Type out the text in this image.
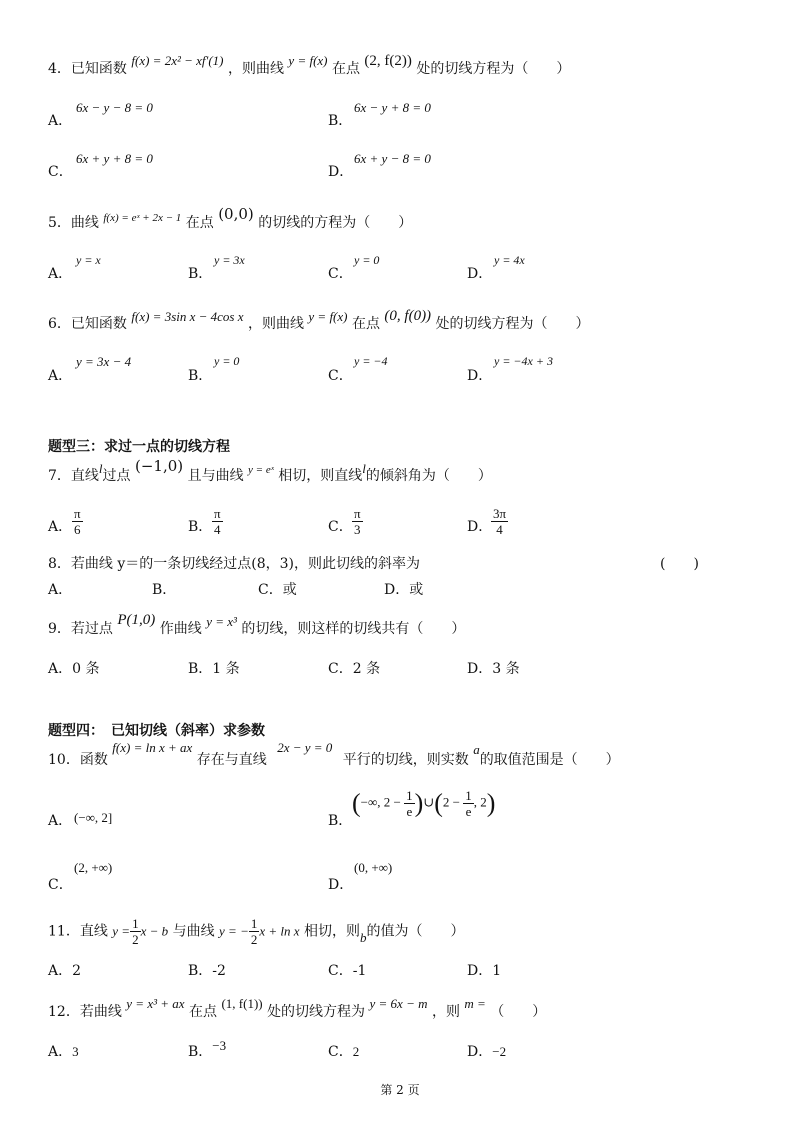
4．已知函数 f(x) = 2x² − xf′(1) ，则曲线 y = f(x) 在点 (2, f(2)) 处的切线方程为（　　）
A．
6x − y − 8 = 0
B．
6x − y + 8 = 0
C．
6x + y + 8 = 0
D．
6x + y − 8 = 0
5．曲线 $^{f(x) = eˣ + 2x - 1}$ 在点 (0,0) 的切线的方程为（　　）
A．
y = x
B．
y = 3x
C．
y = 0
D．
y = 4x
6．已知函数 f(x) = 3sin x − 4cos x ，则曲线 y = f(x) 在点 (0, f(0)) 处的切线方程为（　　）
A．
y = 3x − 4
B．
y = 0
C．
y = −4
D．
y = −4x + 3
题型三：求过一点的切线方程
7．直线l过点 (−1,0) 且与曲线 $^{y = eˣ}$ 相切，则直线l的倾斜角为（　　）
A． $\frac{\pi}{6}$	B． $\frac{\pi}{4}$	C． $\frac{\pi}{3}$	D．
$\frac{3\pi}{4}$
8．若曲线 y＝的一条切线经过点(8，3)，则此切线的斜率为	(　　)
A．	B．	C．或	D．或
9．若过点 P(1,0) 作曲线 y = x³ 的切线，则这样的切线共有（　　）
A．0 条	B．1 条	C．2 条	D．3 条
题型四：　已知切线（斜率）求参数
10．函数 f(x) = ln x + ax 存在与直线 2x − y = 0 平行的切线，则实数 a的取值范围是（　　）
A． (−∞, 2]	B．
(−∞, $2 - \frac{1}{e}$ )∪(2 − $\frac{1}{e}$ , 2)
C．
(2, +∞)
D．
(0, +∞)
11．直线 $y = \frac{1}{2}$ x − b 与曲线 y = − $\frac{1}{2}$ x + ln x 相切，则b的值为（　　）
A．2	B．-2	C．-1	D．1
12．若曲线 y = x³ + ax 在点 (1, f(1)) 处的切线方程为 y = 6x − m ，则 m = （　　）
A．3	B．−3	C．2	D．−2
第 2 页
